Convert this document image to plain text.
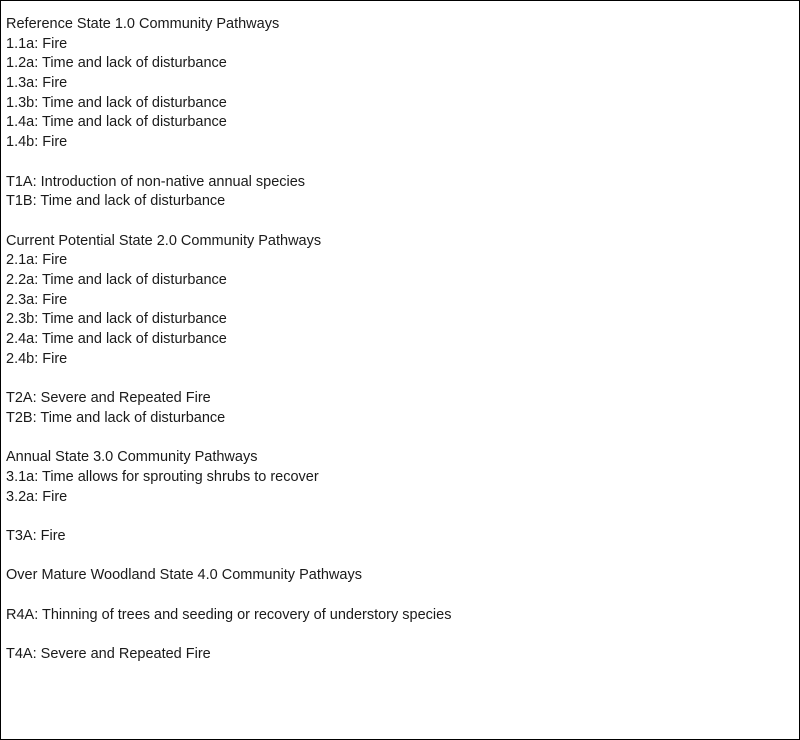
Reference State 1.0 Community Pathways
1.1a: Fire
1.2a: Time and lack of disturbance
1.3a: Fire
1.3b: Time and lack of disturbance
1.4a: Time and lack of disturbance
1.4b: Fire
T1A: Introduction of non-native annual species
T1B: Time and lack of disturbance
Current Potential State 2.0 Community Pathways
2.1a: Fire
2.2a: Time and lack of disturbance
2.3a: Fire
2.3b: Time and lack of disturbance
2.4a: Time and lack of disturbance
2.4b: Fire
T2A: Severe and Repeated Fire
T2B: Time and lack of disturbance
Annual State 3.0 Community Pathways
3.1a: Time allows for sprouting shrubs to recover
3.2a: Fire
T3A: Fire
Over Mature Woodland State 4.0 Community Pathways
R4A: Thinning of trees and seeding or recovery of understory species
T4A: Severe and Repeated Fire
